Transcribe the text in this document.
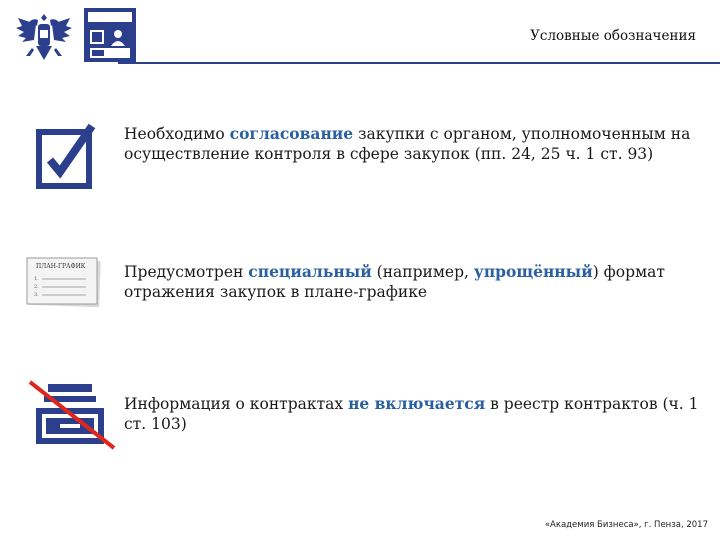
Условные обозначения
Необходимо согласование закупки с органом, уполномоченным на осуществление контроля в сфере закупок (пп. 24, 25 ч. 1 ст. 93)
ПЛАН-ГРАФИК
1.
2.
3.
Предусмотрен специальный (например, упрощённый) формат отражения закупок в плане-графике
Информация о контрактах не включается в реестр контрактов (ч. 1 ст. 103)
«Академия Бизнеса», г. Пенза, 2017
